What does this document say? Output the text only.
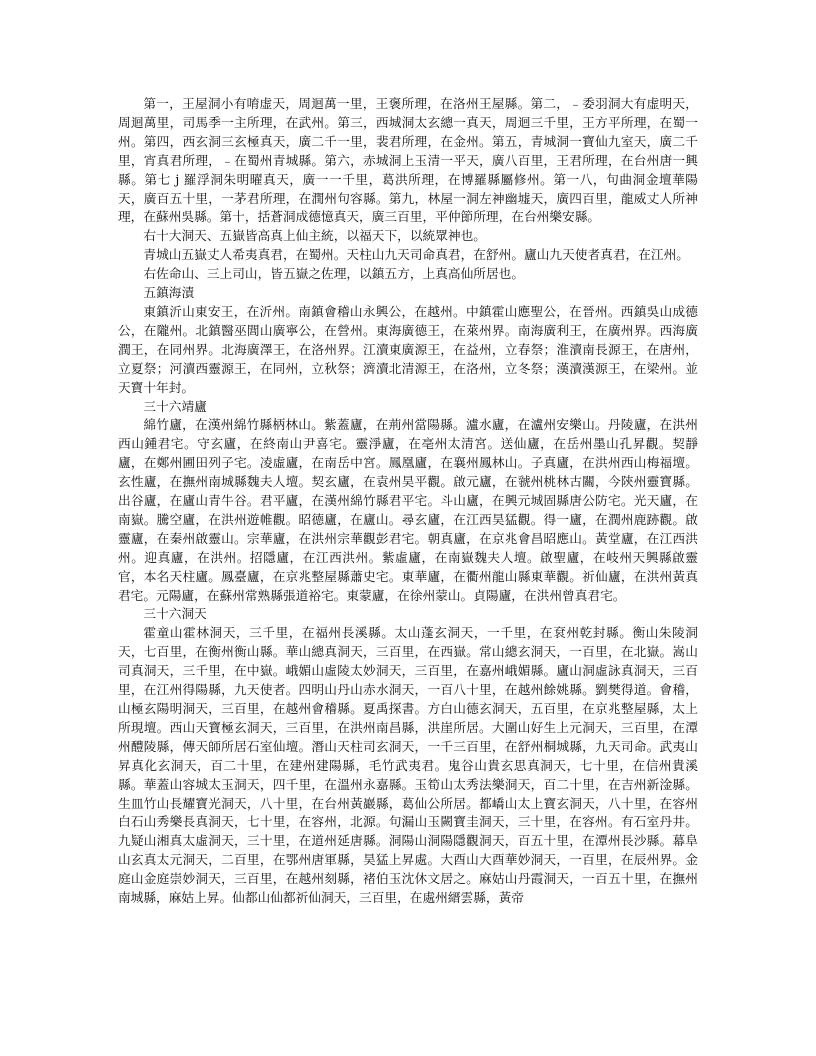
第一，王屋洞小有唷虚天，周迴萬一里，王褒所理，在洛州王屋縣。第二，﹣委羽洞大有虚明天，周迴萬里，司馬季一主所理，在武州。第三，西城洞太玄總一真天，周迴三千里，王方平所理，在蜀一州。第四，西玄洞三玄極真天，廣二千一里，裴君所理，在金州。第五，青城洞一寶仙九室天，廣二千里，宵真君所理，﹣在蜀州青城縣。第六，赤城洞上玉清一平天，廣八百里，王君所理，在台州唐一興縣。第七 j 羅浮洞朱明曜真天，廣一一千里，葛洪所理，在博羅縣屬修州。第一八，句曲洞金壇華陽天，廣百五十里，一茅君所理，在潤州句容縣。第九，林屋一洞左神幽墟天，廣四百里，龍威丈人所神理，在蘇州吳縣。第十，括蒼洞成德憶真天，廣三百里，平仲節所理，在台州樂安縣。

右十大洞天、五嶽皆高真上仙主統，以福天下，以統眾神也。

青城山五嶽丈人希夷真君，在蜀州。天柱山九天司命真君，在舒州。廬山九天使者真君，在江州。

右佐命山、三上司山，皆五嶽之佐理，以鎮五方，上真高仙所居也。

五鎮海漬

東鎮沂山東安王，在沂州。南鎮會稽山永興公，在越州。中鎮霍山應聖公，在晉州。西鎮吳山成德公，在隴州。北鎮醫巫閭山廣寧公，在營州。東海廣德王，在萊州界。南海廣利王，在廣州界。西海廣潤王，在同州界。北海廣澤王，在洛州界。江瀆東廣源王，在益州，立春祭；淮瀆南長源王，在唐州，立夏祭；河瀆西靈源王，在同州，立秋祭；濟瀆北清源王，在洛州，立冬祭；漢瀆漢源王，在梁州。並天寶十年封。

三十六靖廬

綿竹廬，在漢州綿竹縣柄林山。紫蓋廬，在荊州當陽縣。瀘水廬，在瀘州安樂山。丹陵廬，在洪州西山鍾君宅。守玄廬，在終南山尹喜宅。靈淨廬，在亳州太清宮。送仙廬，在岳州墨山孔昇觀。契靜廬，在鄭州圃田列子宅。凌虛廬，在南岳中宮。鳳凰廬，在襄州鳳林山。子真廬，在洪州西山梅福壇。玄性廬，在撫州南城縣魏夫人壇。契玄廬，在袁州昊平觀。啟元廬，在虢州桃林古關，今陝州靈寶縣。出谷廬，在廬山青牛谷。君平廬，在漢州綿竹縣君平宅。斗山廬，在興元城固縣唐公防宅。光天廬，在南嶽。騰空廬，在洪州遊帷觀。昭德廬，在廬山。尋玄廬，在江西昊猛觀。得一廬，在潤州鹿跡觀。啟靈廬，在秦州啟靈山。宗華廬，在洪州宗華觀彭君宅。朝真廬，在京兆會昌昭應山。黃堂廬，在江西洪州。迎真廬，在洪州。招隱廬，在江西洪州。紫虛廬，在南嶽魏夫人壇。啟聖廬，在岐州天興縣啟靈官，本名天柱廬。鳳臺廬，在京兆整屋縣蕭史宅。東華廬，在衢州龍山縣東華觀。祈仙廬，在洪州黃真君宅。元陽廬，在蘇州常熟縣張道裕宅。東蒙廬，在徐州蒙山。貞陽廬，在洪州曾真君宅。

三十六洞天

霍童山霍林洞天，三千里，在福州長溪縣。太山蓬玄洞天，一千里，在袞州乾封縣。衡山朱陵洞天，七百里，在衡州衡山縣。華山總真洞天，三百里，在西嶽。常山總玄洞天，一百里，在北嶽。嵩山司真洞天，三千里，在中嶽。峨媚山虛陵太妙洞天，三百里，在嘉州峨媚縣。廬山洞虛詠真洞天，三百里，在江州得陽縣，九天使者。四明山丹山赤水洞天，一百八十里，在越州餘姚縣。劉樊得道。會稽，山極玄陽明洞天，三百里，在越州會稽縣。夏禹探書。方白山德玄洞天，五百里，在京兆整屋縣，太上所現壇。西山天寶極玄洞天，三百里，在洪州南昌縣，洪崖所居。大圍山好生上元洞天，三百里，在潭州醴陵縣，傳天師所居石室仙壇。潛山天柱司玄洞天，一千三百里，在舒州桐城縣，九天司命。武夷山昇真化玄洞天，百二十里，在建州建陽縣，毛竹武夷君。鬼谷山貴玄思真洞天，七十里，在信州貴溪縣。華蓋山容城太玉洞天，四千里，在溫州永嘉縣。玉筍山太秀法樂洞天，百二十里，在吉州新淦縣。生皿竹山長耀寶光洞天，八十里，在台州黃巖縣，葛仙公所居。都嶠山太上寶玄洞天，八十里，在容州白石山秀樂長真洞天，七十里，在容州，北源。句漏山玉闕寶圭洞天，三十里，在容州。有石室丹井。九疑山湘真太虛洞天，三十里，在道州延唐縣。洞陽山洞陽隱觀洞天，百五十里，在潭州長沙縣。幕阜山玄真太元洞天，二百里，在鄂州唐軍縣，昊猛上昇處。大酉山大酉華妙洞天，一百里，在辰州界。金庭山金庭崇妙洞天，三百里，在越州刻縣，褚伯玉沈休文居之。麻姑山丹霞洞天，一百五十里，在撫州南城縣，麻姑上昇。仙都山仙都祈仙洞天，三百里，在處州縉雲縣，黃帝
